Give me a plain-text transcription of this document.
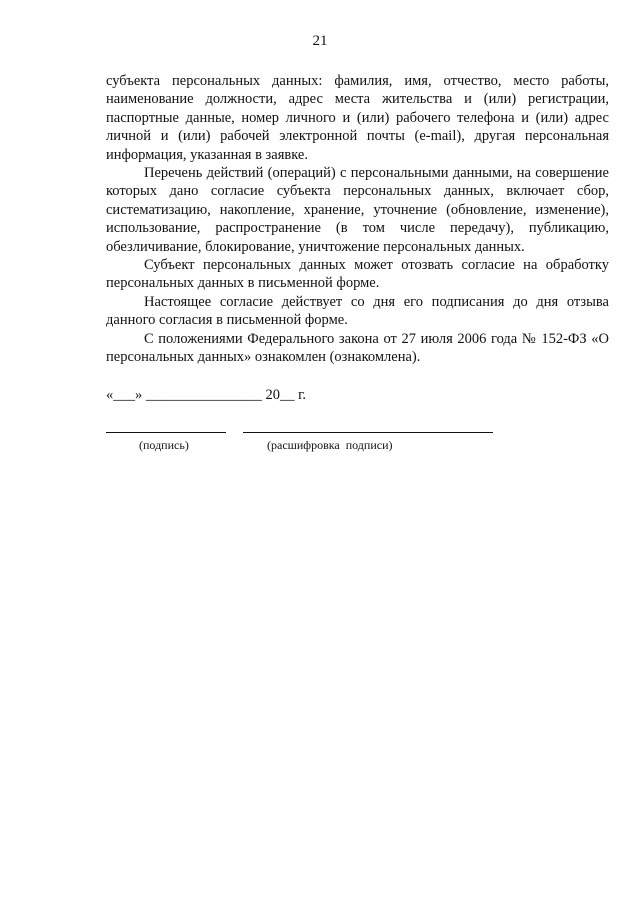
21

субъекта персональных данных: фамилия, имя, отчество, место работы, наименование должности, адрес места жительства и (или) регистрации, паспортные данные, номер личного и (или) рабочего телефона и (или) адрес личной и (или) рабочей электронной почты (e-mail), другая персональная информация, указанная в заявке.

Перечень действий (операций) с персональными данными, на совершение которых дано согласие субъекта персональных данных, включает сбор, систематизацию, накопление, хранение, уточнение (обновление, изменение), использование, распространение (в том числе передачу), публикацию, обезличивание, блокирование, уничтожение персональных данных.

Субъект персональных данных может отозвать согласие на обработку персональных данных в письменной форме.

Настоящее согласие действует со дня его подписания до дня отзыва данного согласия в письменной форме.

С положениями Федерального закона от 27 июля 2006 года № 152-ФЗ «О персональных данных» ознакомлен (ознакомлена).

«___» ________________ 20__ г.
(подпись)	(расшифровка подписи)
